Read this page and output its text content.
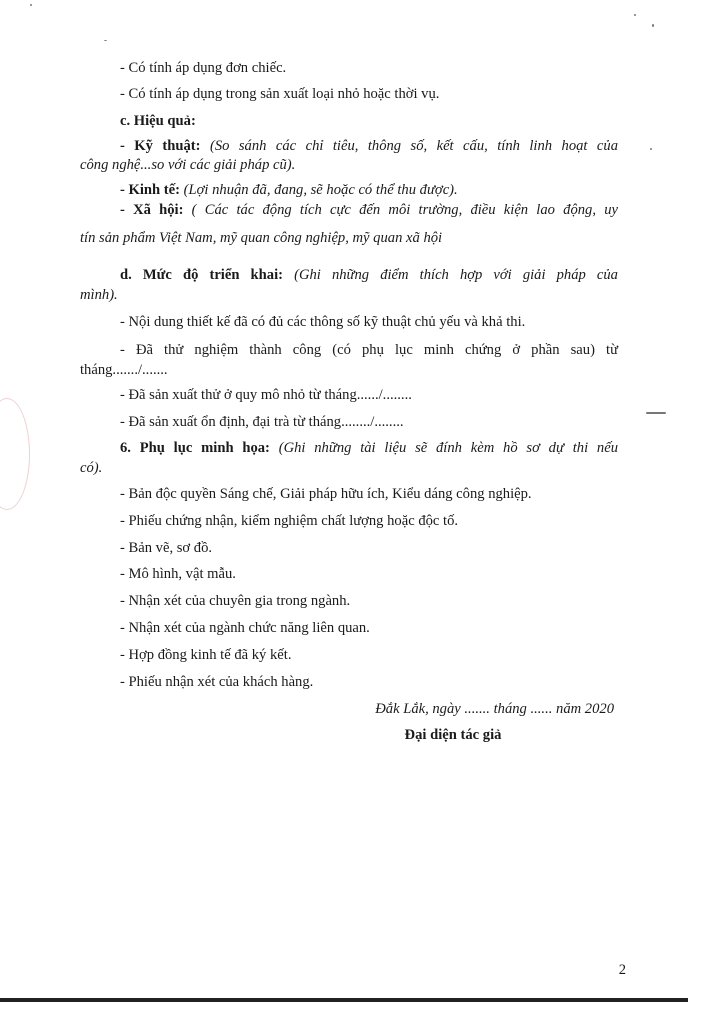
- Có tính áp dụng đơn chiếc.
- Có tính áp dụng trong sản xuất loại nhỏ hoặc thời vụ.
c. Hiệu quả:
- Kỹ thuật: (So sánh các chỉ tiêu, thông số, kết cấu, tính linh hoạt của
công nghệ...so với các giải pháp cũ).
- Kinh tế: (Lợi nhuận đã, đang, sẽ hoặc có thể thu được).
- Xã hội: ( Các tác động tích cực đến môi trường, điều kiện lao động, uy
tín sản phẩm Việt Nam, mỹ quan công nghiệp, mỹ quan xã hội
d. Mức độ triển khai: (Ghi những điểm thích hợp với giải pháp của
mình).
- Nội dung thiết kế đã có đủ các thông số kỹ thuật chủ yếu và khả thi.
- Đã thử nghiệm thành công (có phụ lục minh chứng ở phần sau) từ
tháng......./.......
- Đã sản xuất thử ở quy mô nhỏ từ tháng....../........
- Đã sản xuất ổn định, đại trà từ tháng......../........
6. Phụ lục minh họa: (Ghi những tài liệu sẽ đính kèm hồ sơ dự thi nếu
có).
- Bản độc quyền Sáng chế, Giải pháp hữu ích, Kiểu dáng công nghiệp.
- Phiếu chứng nhận, kiểm nghiệm chất lượng hoặc độc tố.
- Bản vẽ, sơ đồ.
- Mô hình, vật mẫu.
- Nhận xét của chuyên gia trong ngành.
- Nhận xét của ngành chức năng liên quan.
- Hợp đồng kinh tế đã ký kết.
- Phiếu nhận xét của khách hàng.
Đắk Lắk, ngày ....... tháng ...... năm 2020
Đại diện tác giả
2
